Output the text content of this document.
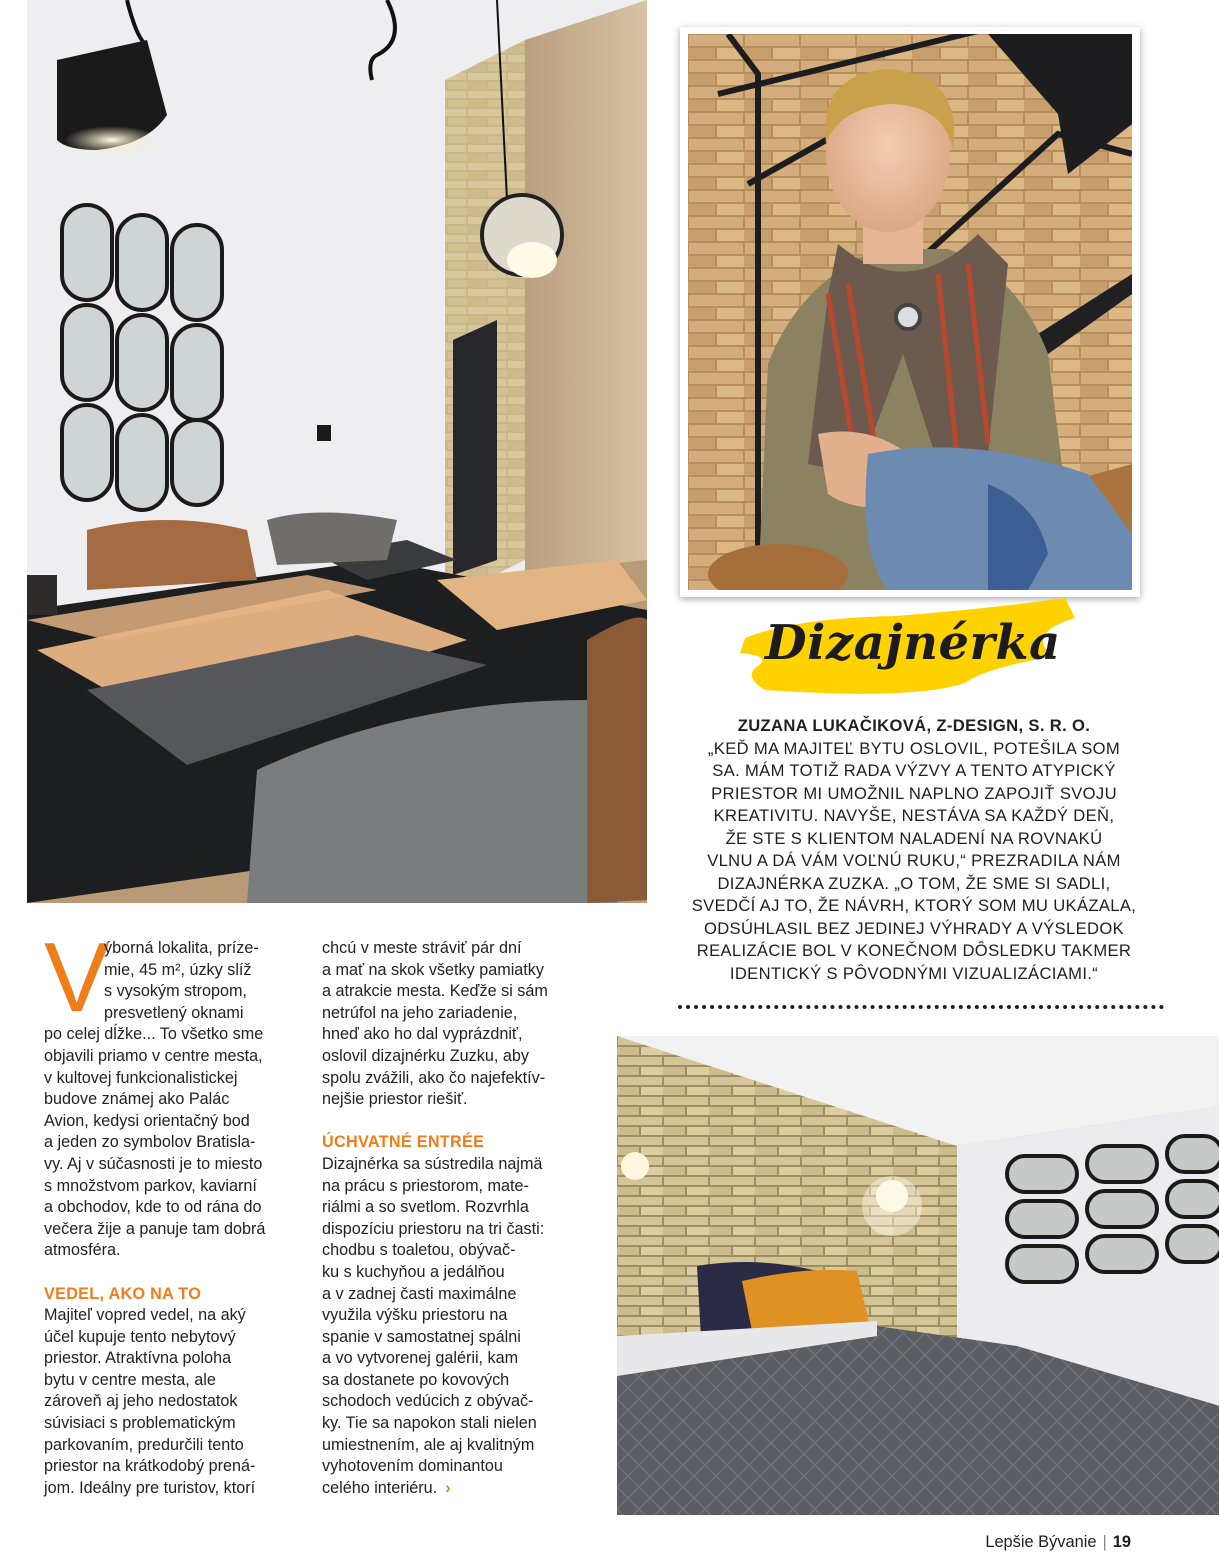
Dizajnérka
ZUZANA LUKAČIKOVÁ, Z-DESIGN, S. R. O.
„KEĎ MA MAJITEĽ BYTU OSLOVIL, POTEŠILA SOM
SA. MÁM TOTIŽ RADA VÝZVY A TENTO ATYPICKÝ
PRIESTOR MI UMOŽNIL NAPLNO ZAPOJIŤ SVOJU
KREATIVITU. NAVYŠE, NESTÁVA SA KAŽDÝ DEŇ,
ŽE STE S KLIENTOM NALADENÍ NA ROVNAKÚ
VLNU A DÁ VÁM VOĽNÚ RUKU,“ PREZRADILA NÁM
DIZAJNÉRKA ZUZKA. „O TOM, ŽE SME SI SADLI,
SVEDČÍ AJ TO, ŽE NÁVRH, KTORÝ SOM MU UKÁZALA,
ODSÚHLASIL BEZ JEDINEJ VÝHRADY A VÝSLEDOK
REALIZÁCIE BOL V KONEČNOM DÔSLEDKU TAKMER
IDENTICKÝ S PÔVODNÝMI VIZUALIZÁCIAMI.“
V
ýborná lokalita, príze-
mie, 45 m², úzky slíž
s vysokým stropom,
presvetlený oknami
po celej dĺžke... To všetko sme
objavili priamo v centre mesta,
v kultovej funkcionalistickej
budove známej ako Palác
Avion, kedysi orientačný bod
a jeden zo symbolov Bratisla-
vy. Aj v súčasnosti je to miesto
s množstvom parkov, kaviarní
a obchodov, kde to od rána do
večera žije a panuje tam dobrá
atmosféra.
VEDEL, AKO NA TO
Majiteľ vopred vedel, na aký
účel kupuje tento nebytový
priestor. Atraktívna poloha
bytu v centre mesta, ale
zároveň aj jeho nedostatok
súvisiaci s problematickým
parkovaním, predurčili tento
priestor na krátkodobý prená-
jom. Ideálny pre turistov, ktorí
chcú v meste stráviť pár dní
a mať na skok všetky pamiatky
a atrakcie mesta. Keďže si sám
netrúfol na jeho zariadenie,
hneď ako ho dal vyprázdniť,
oslovil dizajnérku Zuzku, aby
spolu zvážili, ako čo najefektív-
nejšie priestor riešiť.
ÚCHVATNÉ ENTRÉE
Dizajnérka sa sústredila najmä
na prácu s priestorom, mate-
riálmi a so svetlom. Rozvrhla
dispozíciu priestoru na tri časti:
chodbu s toaletou, obývač-
ku s kuchyňou a jedálňou
a v zadnej časti maximálne
využila výšku priestoru na
spanie v samostatnej spálni
a vo vytvorenej galérii, kam
sa dostanete po kovových
schodoch vedúcich z obývač-
ky. Tie sa napokon stali nielen
umiestnením, ale aj kvalitným
vyhotovením dominantou
celého interiéru. ›
Lepšie Bývanie | 19
